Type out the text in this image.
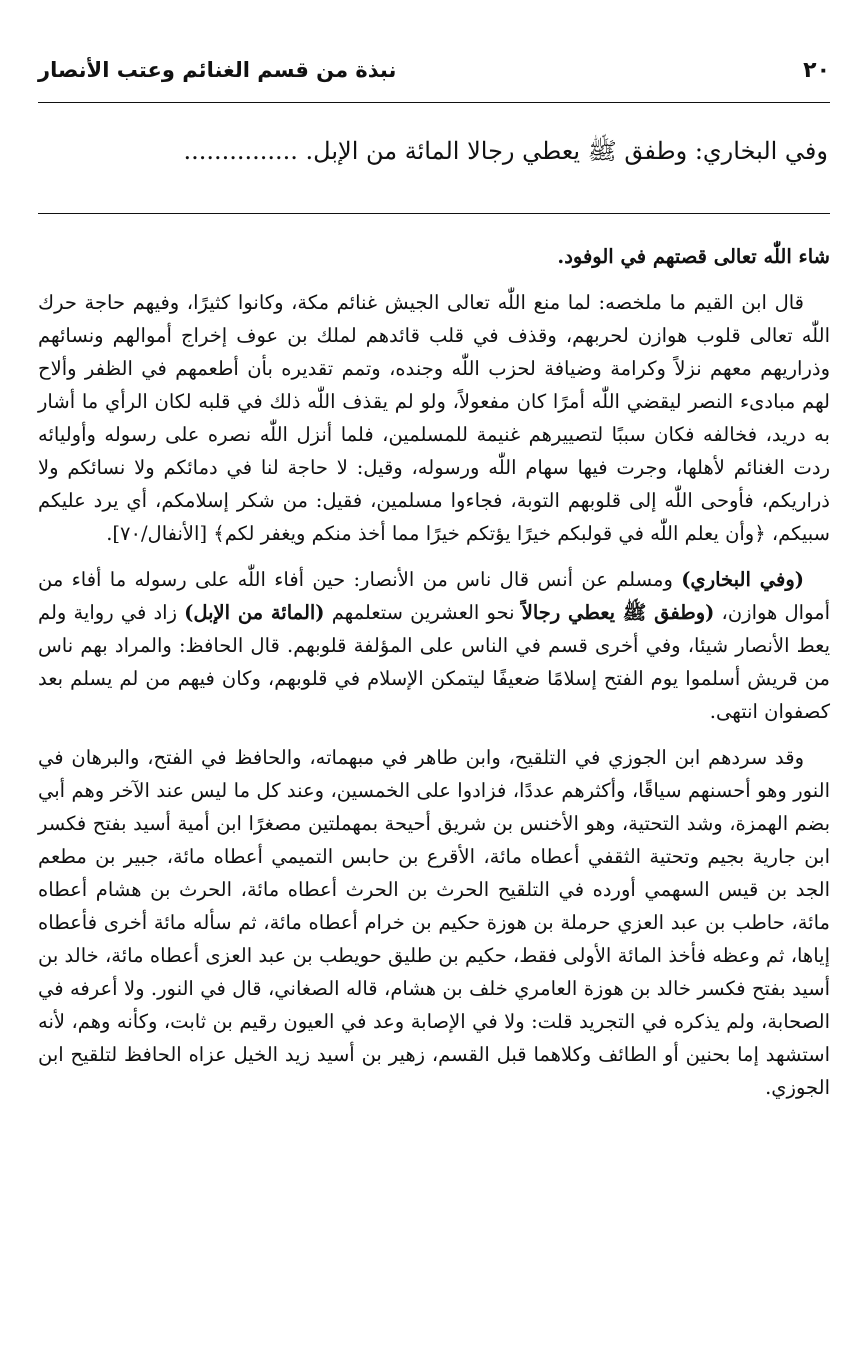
٢٠
نبذة من قسم الغنائم وعتب الأنصار
وفي البخاري: وطفق ﷺ يعطي رجالا المائة من الإبل. ...............

شاء اللّٰه تعالى قصتهم في الوفود.

قال ابن القيم ما ملخصه: لما منع اللّٰه تعالى الجيش غنائم مكة، وكانوا كثيرًا، وفيهم حاجة حرك اللّٰه تعالى قلوب هوازن لحربهم، وقذف في قلب قائدهم لملك بن عوف إخراج أموالهم ونسائهم وذراريهم معهم نزلاً وكرامة وضيافة لحزب اللّٰه وجنده، وتمم تقديره بأن أطعمهم في الظفر وألاح لهم مبادىء النصر ليقضي اللّٰه أمرًا كان مفعولاً، ولو لم يقذف اللّٰه ذلك في قلبه لكان الرأي ما أشار به دريد، فخالفه فكان سببًا لتصييرهم غنيمة للمسلمين، فلما أنزل اللّٰه نصره على رسوله وأوليائه ردت الغنائم لأهلها، وجرت فيها سهام اللّٰه ورسوله، وقيل: لا حاجة لنا في دمائكم ولا نسائكم ولا ذراريكم، فأوحى اللّٰه إلى قلوبهم التوبة، فجاءوا مسلمين، فقيل: من شكر إسلامكم، أي يرد عليكم سبيكم، ﴿وأن يعلم اللّٰه في قولبكم خيرًا يؤتكم خيرًا مما أخذ منكم ويغفر لكم﴾ [الأنفال/٧٠].

(وفي البخاري) ومسلم عن أنس قال ناس من الأنصار: حين أفاء اللّٰه على رسوله ما أفاء من أموال هوازن، (وطفق ﷺ يعطي رجالاً نحو العشرين ستعلمهم (المائة من الإبل) زاد في رواية ولم يعط الأنصار شيئا، وفي أخرى قسم في الناس على المؤلفة قلوبهم. قال الحافظ: والمراد بهم ناس من قريش أسلموا يوم الفتح إسلامًا ضعيفًا ليتمكن الإسلام في قلوبهم، وكان فيهم من لم يسلم بعد كصفوان انتهى.

وقد سردهم ابن الجوزي في التلقيح، وابن طاهر في مبهماته، والحافظ في الفتح، والبرهان في النور وهو أحسنهم سياقًا، وأكثرهم عددًا، فزادوا على الخمسين، وعند كل ما ليس عند الآخر وهم أبي بضم الهمزة، وشد التحتية، وهو الأخنس بن شريق أحيحة بمهملتين مصغرًا ابن أمية أسيد بفتح فكسر ابن جارية بجيم وتحتية الثقفي أعطاه مائة، الأقرع بن حابس التميمي أعطاه مائة، جبير بن مطعم الجد بن قيس السهمي أورده في التلقيح الحرث بن الحرث أعطاه مائة، الحرث بن هشام أعطاه مائة، حاطب بن عبد العزي حرملة بن هوزة حكيم بن خرام أعطاه مائة، ثم سأله مائة أخرى فأعطاه إياها، ثم وعظه فأخذ المائة الأولى فقط، حكيم بن طليق حويطب بن عبد العزى أعطاه مائة، خالد بن أسيد بفتح فكسر خالد بن هوزة العامري خلف بن هشام، قاله الصغاني، قال في النور. ولا أعرفه في الصحابة، ولم يذكره في التجريد قلت: ولا في الإصابة وعد في العيون رقيم بن ثابت، وكأنه وهم، لأنه استشهد إما بحنين أو الطائف وكلاهما قبل القسم، زهير بن أسيد زيد الخيل عزاه الحافظ لتلقيح ابن الجوزي.
